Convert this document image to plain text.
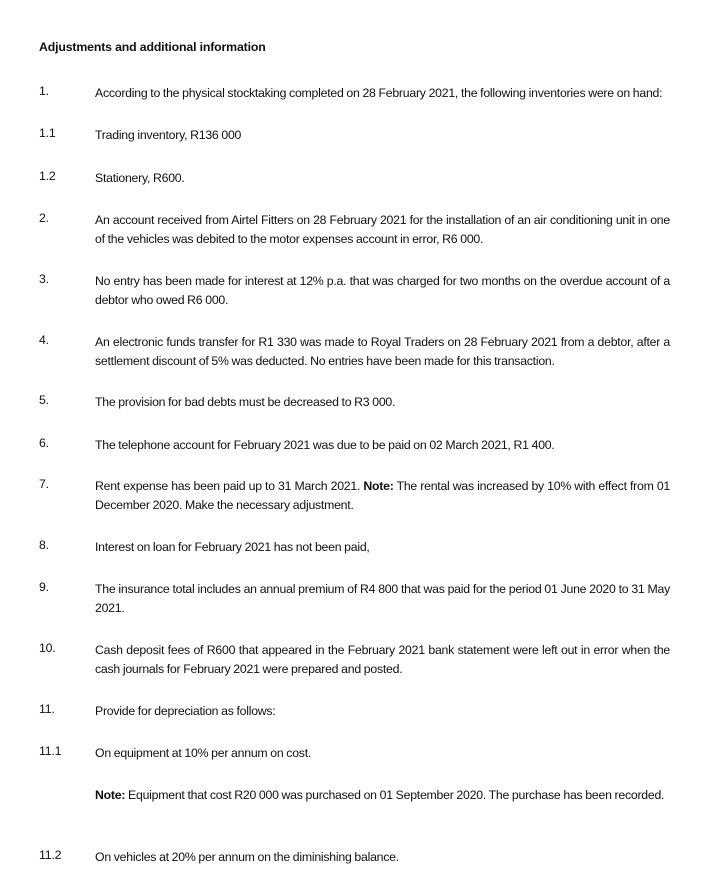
Adjustments and additional information
1.	According to the physical stocktaking completed on 28 February 2021, the following inventories were on hand:
1.1	Trading inventory, R136 000
1.2	Stationery, R600.
2.	An account received from Airtel Fitters on 28 February 2021 for the installation of an air conditioning unit in one of the vehicles was debited to the motor expenses account in error, R6 000.
3.	No entry has been made for interest at 12% p.a. that was charged for two months on the overdue account of a debtor who owed R6 000.
4.	An electronic funds transfer for R1 330 was made to Royal Traders on 28 February 2021 from a debtor, after a settlement discount of 5% was deducted. No entries have been made for this transaction.
5.	The provision for bad debts must be decreased to R3 000.
6.	The telephone account for February 2021 was due to be paid on 02 March 2021, R1 400.
7.	Rent expense has been paid up to 31 March 2021. Note: The rental was increased by 10% with effect from 01 December 2020. Make the necessary adjustment.
8.	Interest on loan for February 2021 has not been paid,
9.	The insurance total includes an annual premium of R4 800 that was paid for the period 01 June 2020 to 31 May 2021.
10.	Cash deposit fees of R600 that appeared in the February 2021 bank statement were left out in error when the cash journals for February 2021 were prepared and posted.
11.	Provide for depreciation as follows:
11.1	On equipment at 10% per annum on cost.
Note: Equipment that cost R20 000 was purchased on 01 September 2020. The purchase has been recorded.
11.2	On vehicles at 20% per annum on the diminishing balance.
